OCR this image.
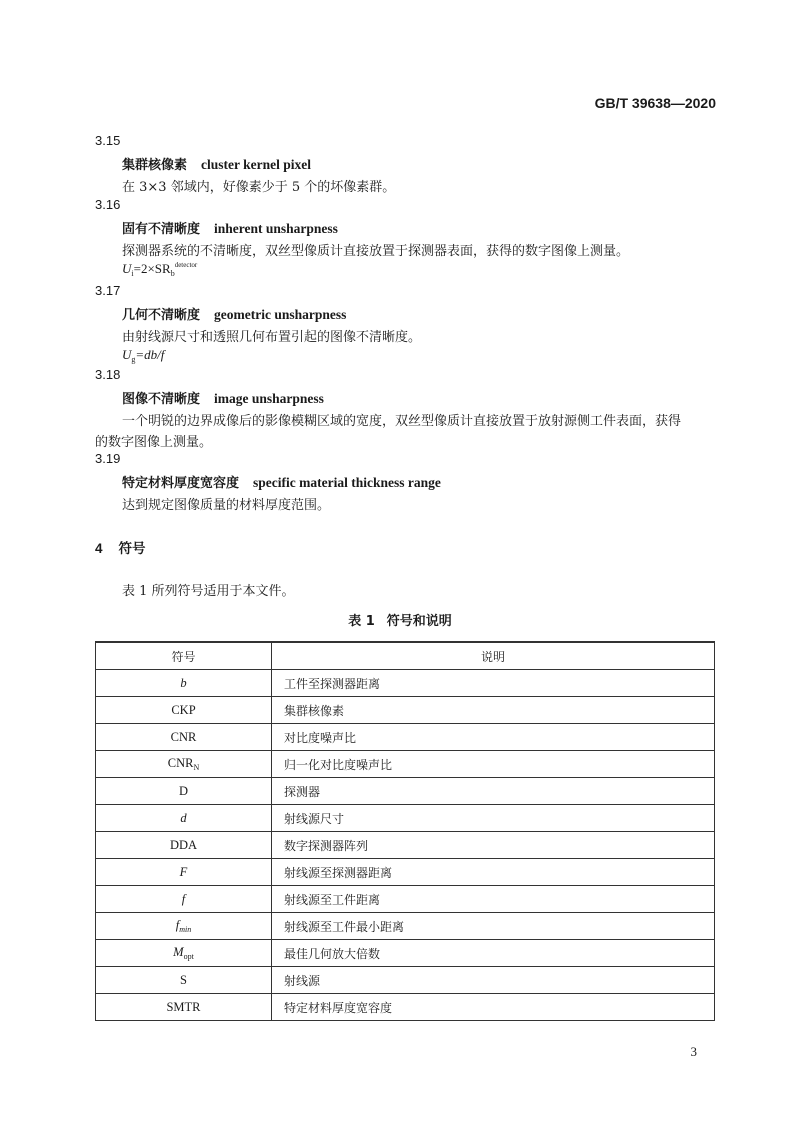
GB/T 39638—2020
3.15
集群核像素 cluster kernel pixel
在 3×3 邻域内，好像素少于 5 个的坏像素群。
3.16
固有不清晰度 inherent unsharpness
探测器系统的不清晰度，双丝型像质计直接放置于探测器表面，获得的数字图像上测量。
$U_i=2\times SR_b^{detector}$
3.17
几何不清晰度 geometric unsharpness
由射线源尺寸和透照几何布置引起的图像不清晰度。
$U_g=db/f$
3.18
图像不清晰度 image unsharpness
一个明锐的边界成像后的影像模糊区域的宽度，双丝型像质计直接放置于放射源侧工件表面，获得
的数字图像上测量。
3.19
特定材料厚度宽容度 specific material thickness range
达到规定图像质量的材料厚度范围。
4 符号
表 1 所列符号适用于本文件。
表 1 符号和说明
符号	说明
b	工件至探测器距离
CKP	集群核像素
CNR	对比度噪声比
$CNR_N$	归一化对比度噪声比
D	探测器
d	射线源尺寸
DDA	数字探测器阵列
F	射线源至探测器距离
f	射线源至工件距离
$f_{min}$	射线源至工件最小距离
$M_{opt}$	最佳几何放大倍数
S	射线源
SMTR	特定材料厚度宽容度
3
